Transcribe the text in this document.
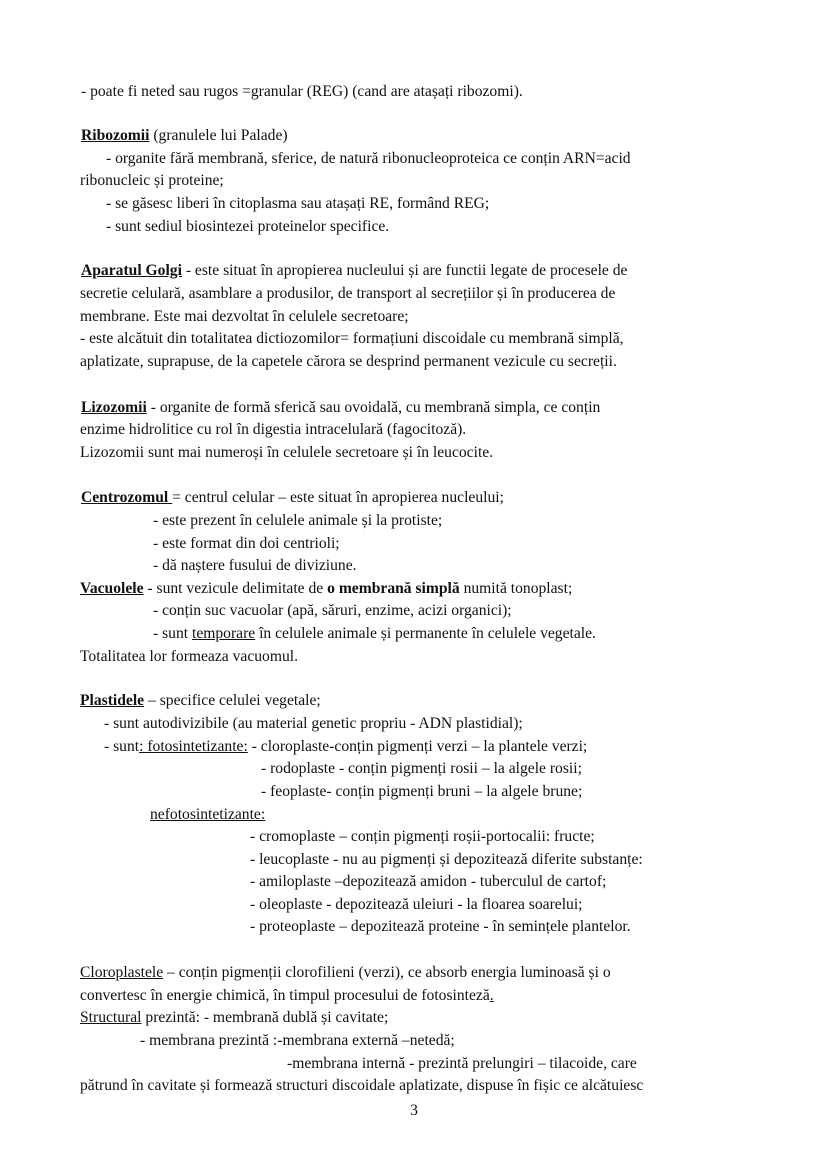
- poate fi neted sau rugos =granular (REG) (cand are atașați ribozomi).
Ribozomii (granulele lui Palade)
- organite fără membrană, sferice, de natură ribonucleoproteica ce conțin ARN=acid
ribonucleic și proteine;
- se găsesc liberi în citoplasma sau atașați RE, formând REG;
- sunt sediul biosintezei proteinelor specifice.
Aparatul Golgi - este situat în apropierea nucleului și are functii legate de procesele de
secretie celulară, asamblare a produsilor, de transport al secrețiilor și în producerea de
membrane. Este mai dezvoltat în celulele secretoare;
- este alcătuit din totalitatea dictiozomilor= formațiuni discoidale cu membrană simplă,
aplatizate, suprapuse, de la capetele cărora se desprind permanent vezicule cu secreții.
Lizozomii - organite de formă sferică sau ovoidală, cu membrană simpla, ce conțin
enzime hidrolitice cu rol în digestia intracelulară (fagocitoză).
Lizozomii sunt mai numeroși în celulele secretoare și în leucocite.
Centrozomul = centrul celular – este situat în apropierea nucleului;
- este prezent în celulele animale și la protiste;
- este format din doi centrioli;
- dă naștere fusului de diviziune.
Vacuolele - sunt vezicule delimitate de o membrană simplă numită tonoplast;
- conțin suc vacuolar (apă, săruri, enzime, acizi organici);
- sunt temporare în celulele animale și permanente în celulele vegetale.
Totalitatea lor formeaza vacuomul.
Plastidele – specifice celulei vegetale;
- sunt autodivizibile (au material genetic propriu - ADN plastidial);
- sunt: fotosintetizante: - cloroplaste-conțin pigmenți verzi – la plantele verzi;
- rodoplaste - conțin pigmenți rosii – la algele rosii;
- feoplaste- conțin pigmenți bruni – la algele brune;
nefotosintetizante:
- cromoplaste – conțin pigmenți roșii-portocalii: fructe;
- leucoplaste - nu au pigmenți și depozitează diferite substanțe:
- amiloplaste –depozitează amidon - tuberculul de cartof;
- oleoplaste - depozitează uleiuri - la floarea soarelui;
- proteoplaste – depozitează proteine - în semințele plantelor.
Cloroplastele – conțin pigmenții clorofilieni (verzi), ce absorb energia luminoasă și o
convertesc în energie chimică, în timpul procesului de fotosinteză.
Structural prezintă: - membrană dublă și cavitate;
- membrana prezintă :-membrana externă –netedă;
-membrana internă - prezintă prelungiri – tilacoide, care
pătrund în cavitate și formează structuri discoidale aplatizate, dispuse în fișic ce alcătuiesc
3
